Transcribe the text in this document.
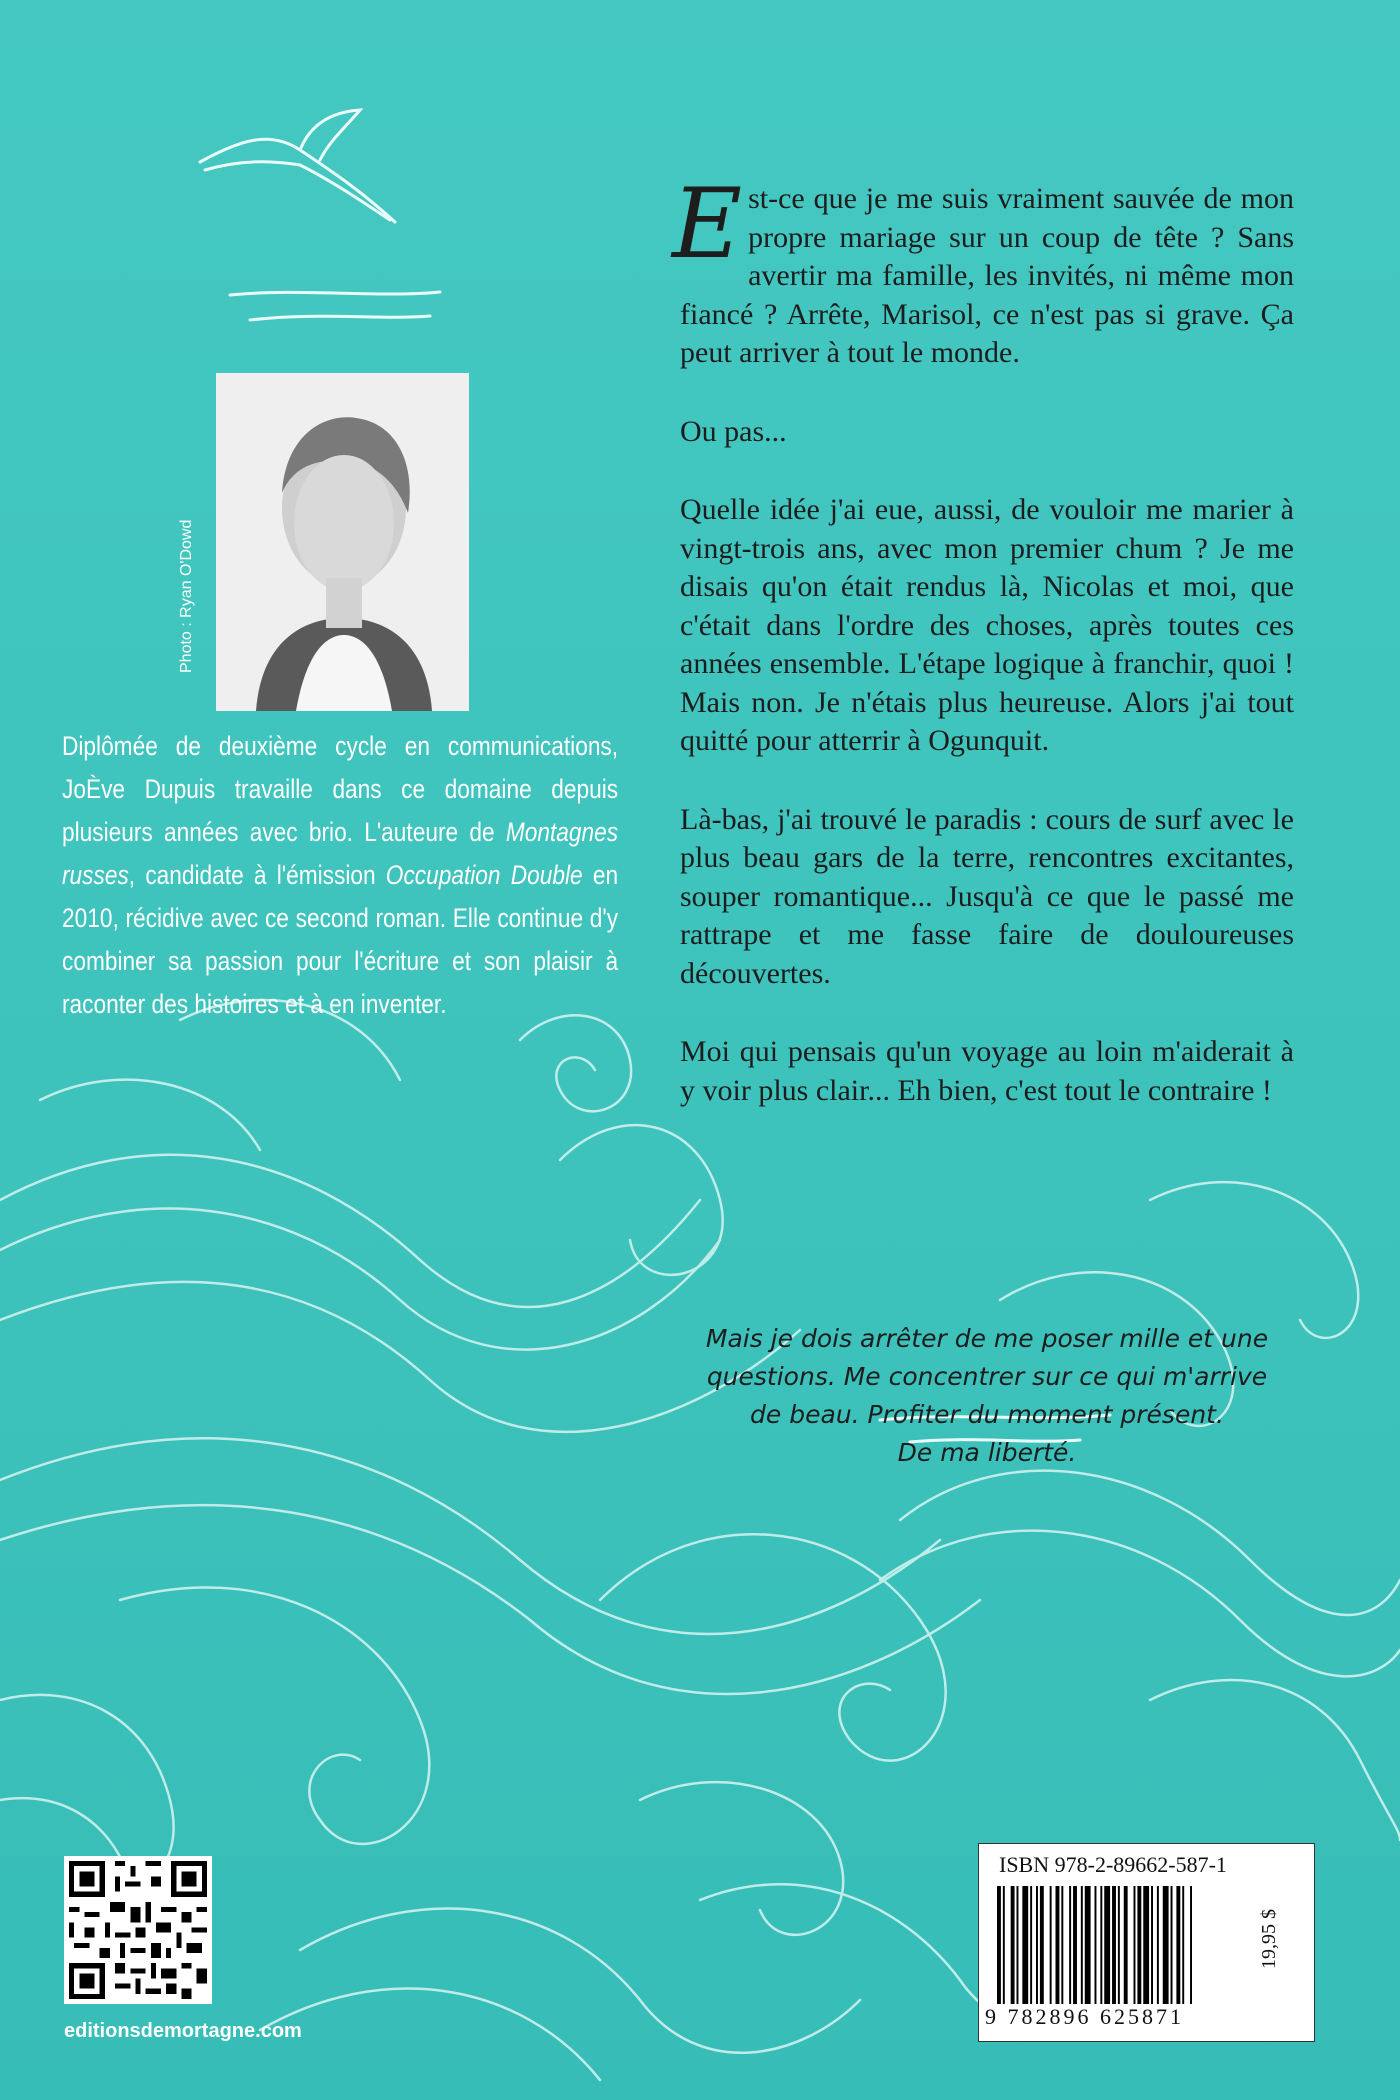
Photo : Ryan O'Dowd

Diplômée de deuxième cycle en communications, JoÈve Dupuis travaille dans ce domaine depuis plusieurs années avec brio. L'auteure de Montagnes russes, candidate à l'émission Occupation Double en 2010, récidive avec ce second roman. Elle continue d'y combiner sa passion pour l'écriture et son plaisir à raconter des histoires et à en inventer.

Est-ce que je me suis vraiment sauvée de mon propre mariage sur un coup de tête ? Sans avertir ma famille, les invités, ni même mon fiancé ? Arrête, Marisol, ce n'est pas si grave. Ça peut arriver à tout le monde.

Ou pas...

Quelle idée j'ai eue, aussi, de vouloir me marier à vingt-trois ans, avec mon premier chum ? Je me disais qu'on était rendus là, Nicolas et moi, que c'était dans l'ordre des choses, après toutes ces années ensemble. L'étape logique à franchir, quoi ! Mais non. Je n'étais plus heureuse. Alors j'ai tout quitté pour atterrir à Ogunquit.

Là-bas, j'ai trouvé le paradis : cours de surf avec le plus beau gars de la terre, rencontres excitantes, souper romantique... Jusqu'à ce que le passé me rattrape et me fasse faire de douloureuses découvertes.

Moi qui pensais qu'un voyage au loin m'aiderait à y voir plus clair... Eh bien, c'est tout le contraire !

Mais je dois arrêter de me poser mille et une
questions. Me concentrer sur ce qui m'arrive
de beau. Profiter du moment présent.
De ma liberté.
editionsdemortagne.com
ISBN 978-2-89662-587-1
19,95 $
9 782896 625871
